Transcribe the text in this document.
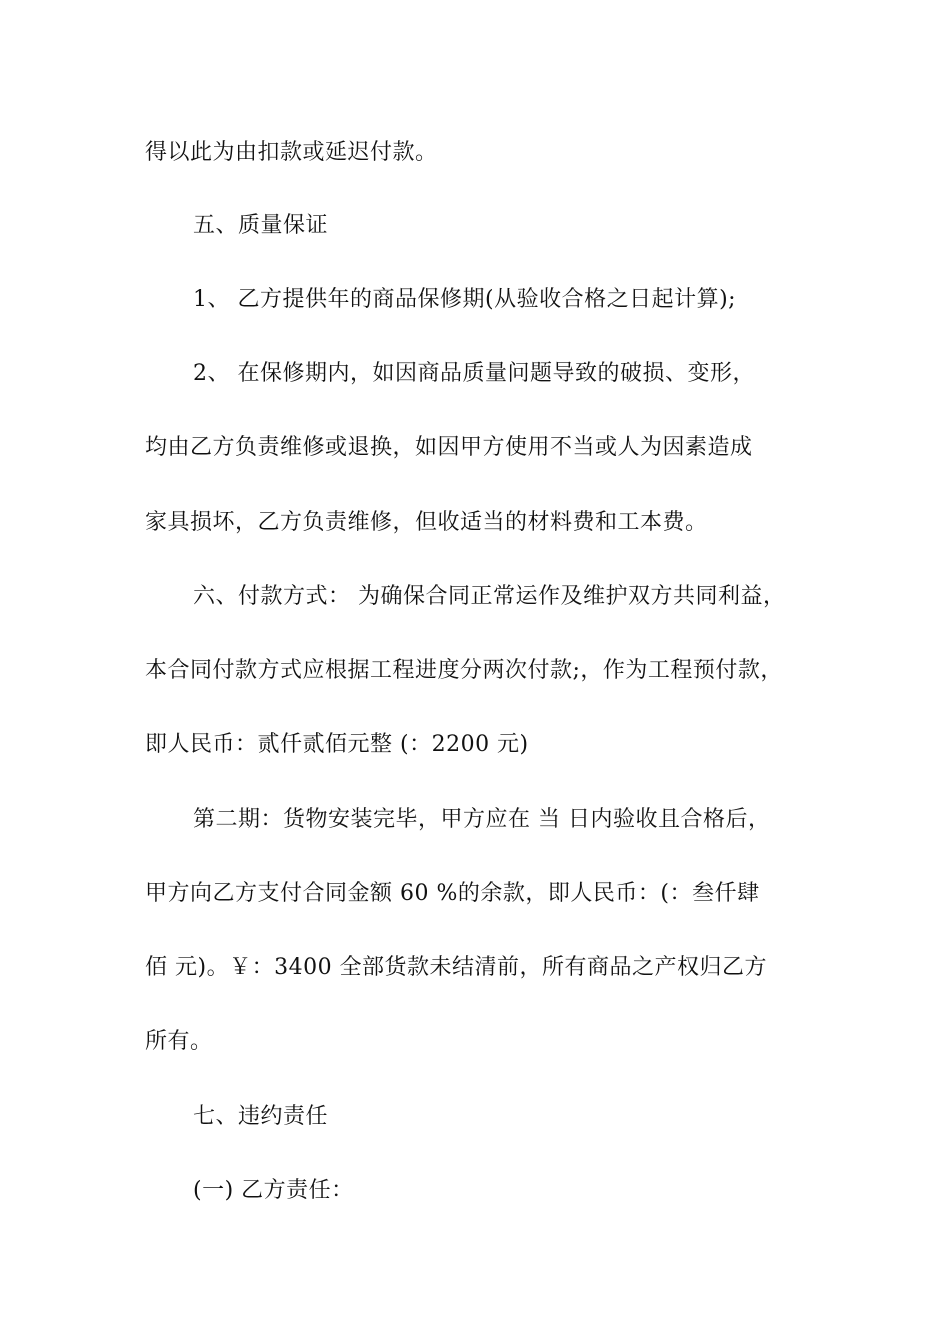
得以此为由扣款或延迟付款。
五、质量保证
1、 乙方提供年的商品保修期(从验收合格之日起计算);
2、 在保修期内，如因商品质量问题导致的破损、变形，
均由乙方负责维修或退换，如因甲方使用不当或人为因素造成
家具损坏，乙方负责维修，但收适当的材料费和工本费。
六、付款方式： 为确保合同正常运作及维护双方共同利益，
本合同付款方式应根据工程进度分两次付款;，作为工程预付款，
即人民币：贰仟贰佰元整 (：2200 元)
第二期：货物安装完毕，甲方应在 当 日内验收且合格后，
甲方向乙方支付合同金额 60 %的余款，即人民币：(：叁仟肆
佰 元)。￥：3400 全部货款未结清前，所有商品之产权归乙方
所有。
七、违约责任
(一) 乙方责任：
